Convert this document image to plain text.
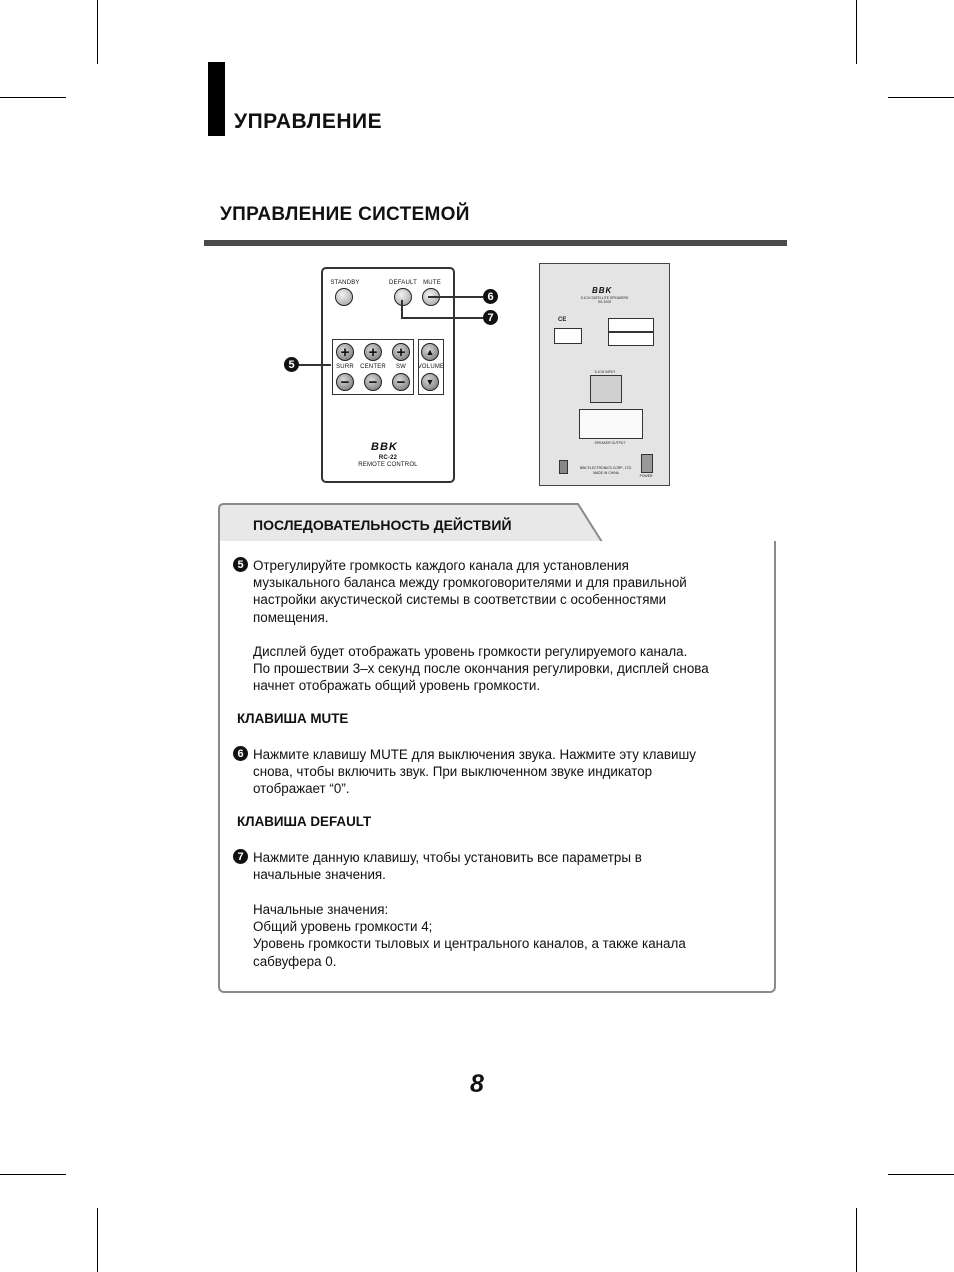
УПРАВЛЕНИЕ
УПРАВЛЕНИЕ СИСТЕМОЙ
STANDBY	DEFAULT	MUTE
+	+	+
SURR	CENTER	SW
−	−	−
▲
VOLUME
▼
BBK
RC-22
REMOTE CONTROL
6
7
5
BBK
5.1CH SATELLITE SPEAKERS
SS-2005
CE
5.1CH INPUT
SPEAKER OUTPUT
BBK ELECTRONICS CORP., LTD.
MADE IN CHINA
POWER
ПОСЛЕДОВАТЕЛЬНОСТЬ ДЕЙСТВИЙ
5 Отрегулируйте громкость каждого канала для установления
музыкального баланса между громкоговорителями и для правильной
настройки акустической системы в соответствии с особенностями
помещения.
Дисплей будет отображать уровень громкости регулируемого канала.
По прошествии 3–х секунд после окончания регулировки, дисплей снова
начнет отображать общий уровень громкости.
КЛАВИША MUTE
6 Нажмите клавишу MUTE для выключения звука. Нажмите эту клавишу
снова, чтобы включить звук. При выключенном звуке индикатор
отображает “0”.
КЛАВИША DEFAULT
7 Нажмите данную клавишу, чтобы установить все параметры в
начальные значения.
Начальные значения:
Общий уровень громкости 4;
Уровень громкости тыловых и центрального каналов, а также канала
сабвуфера 0.
8
